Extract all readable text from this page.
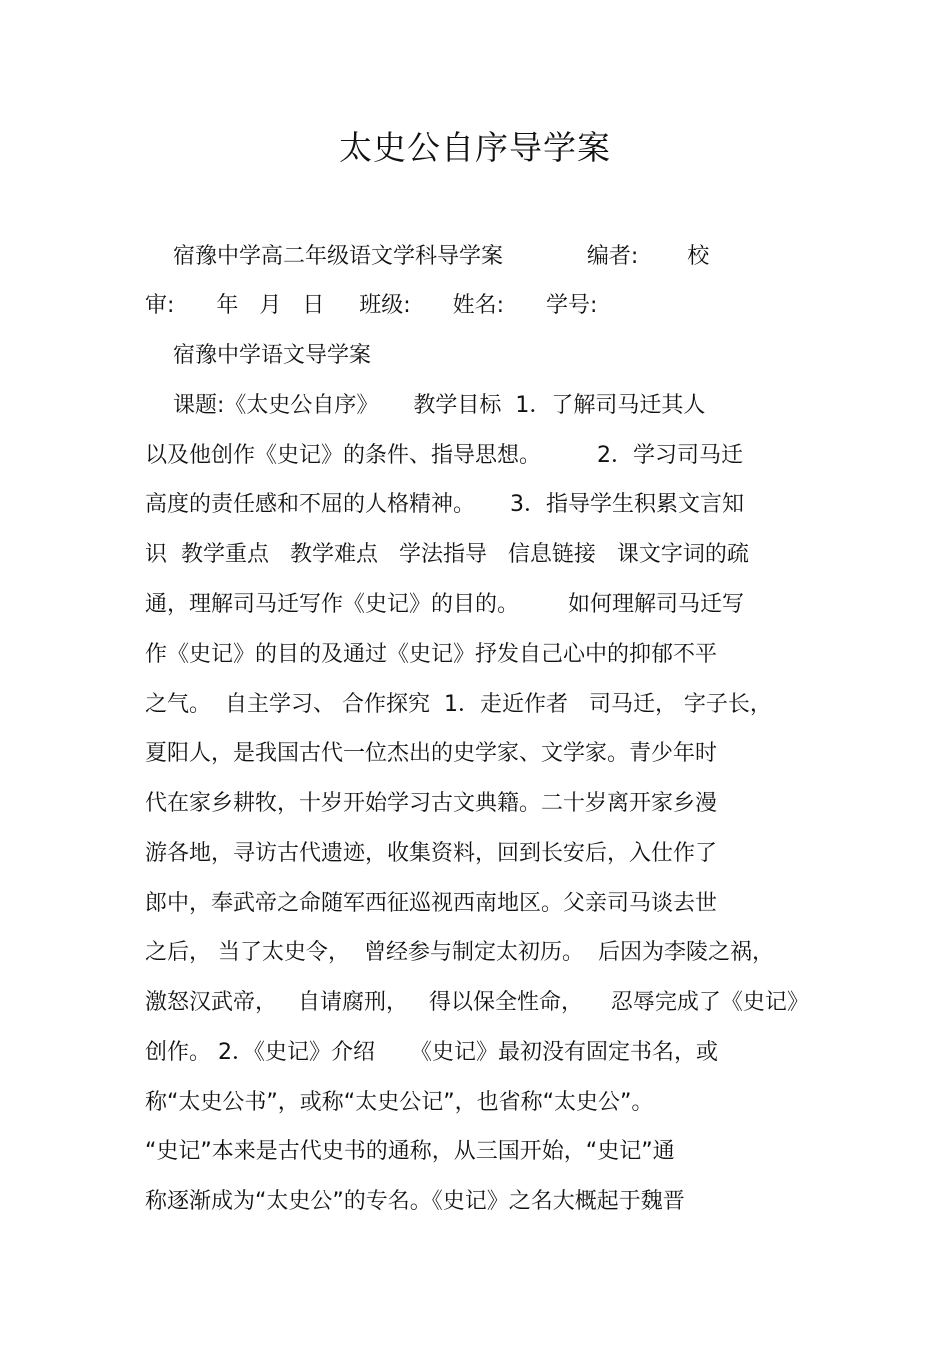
太史公自序导学案

宿豫中学高二年级语文学科导学案            编者:       校

审:      年   月   日     班级:      姓名:      学号:

宿豫中学语文导学案

课题:《太史公自序》     教学目标  1．了解司马迁其人

以及他创作《史记》的条件、指导思想。        2．学习司马迁

高度的责任感和不屈的人格精神。     3．指导学生积累文言知

识  教学重点   教学难点   学法指导   信息链接   课文字词的疏

通，理解司马迁写作《史记》的目的。       如何理解司马迁写

作《史记》的目的及通过《史记》抒发自己心中的抑郁不平

之气。  自主学习、 合作探究  1．走近作者   司马迁， 字子长，

夏阳人，是我国古代一位杰出的史学家、文学家。青少年时

代在家乡耕牧，十岁开始学习古文典籍。二十岁离开家乡漫

游各地，寻访古代遗迹，收集资料，回到长安后，入仕作了

郎中，奉武帝之命随军西征巡视西南地区。父亲司马谈去世

之后， 当了太史令，  曾经参与制定太初历。  后因为李陵之祸，

激怒汉武帝，   自请腐刑，   得以保全性命，    忍辱完成了《史记》

创作。 2．《史记》介绍     《史记》最初没有固定书名，或

称“太史公书”，或称“太史公记”，也省称“太史公”。

“史记”本来是古代史书的通称，从三国开始，“史记”通

称逐渐成为“太史公”的专名。《史记》之名大概起于魏晋
